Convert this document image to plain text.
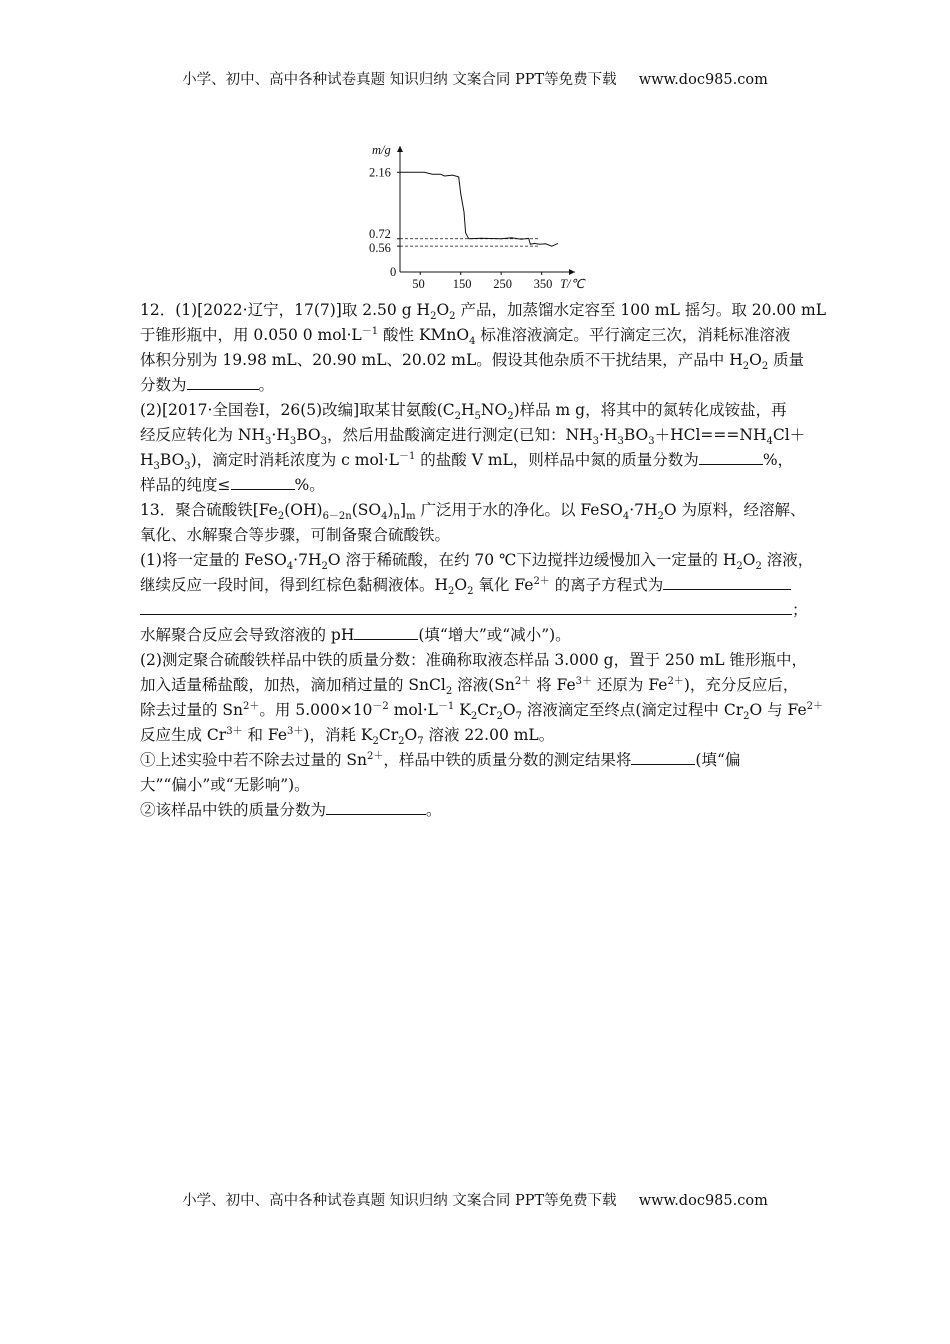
小学、初中、高中各种试卷真题 知识归纳 文案合同 PPT等免费下载 www.doc985.com
m/g
T/℃
0
2.16
0.72
0.56
50 150 250 350
12．(1)[2022·辽宁，17(7)]取 2.50 g $H_2O_2$ 产品，加蒸馏水定容至 100 mL 摇匀。取 20.00 mL
于锥形瓶中，用 0.050 0 $mol\cdot L^{-1}$ 酸性 KMnO$_4$ 标准溶液滴定。平行滴定三次，消耗标准溶液
体积分别为 19.98 mL、20.90 mL、20.02 mL。假设其他杂质不干扰结果，产品中 $H_2O_2$ 质量
分数为	。
(2)[2017·全国卷Ⅰ，26(5)改编]取某甘氨酸$(C_2H_5NO_2)$样品 m g，将其中的氮转化成铵盐，再
经反应转化为 $NH_3\cdot H_3BO_3$，然后用盐酸滴定进行测定(已知：$NH_3\cdot H_3BO_3+HCl===NH_4Cl+$
$H_3BO_3$)，滴定时消耗浓度为 c $mol\cdot L^{-1}$ 的盐酸 V mL，则样品中氮的质量分数为	%，
样品的纯度≤	%。
13．聚合硫酸铁$[Fe_2(OH)_{6-2n}(SO_4)_n]_m$ 广泛用于水的净化。以 $FeSO_4\cdot 7H_2O$ 为原料，经溶解、
氧化、水解聚合等步骤，可制备聚合硫酸铁。
(1)将一定量的 $FeSO_4\cdot 7H_2O$ 溶于稀硫酸，在约 70 ℃下边搅拌边缓慢加入一定量的 $H_2O_2$ 溶液，
继续反应一段时间，得到红棕色黏稠液体。$H_2O_2$ 氧化 $Fe^{2+}$ 的离子方程式为
；
水解聚合反应会导致溶液的 pH	(填“增大”或“减小”)。
(2)测定聚合硫酸铁样品中铁的质量分数：准确称取液态样品 3.000 g，置于 250 mL 锥形瓶中，
加入适量稀盐酸，加热，滴加稍过量的 SnCl$_2$ 溶液($Sn^{2+}$ 将 $Fe^{3+}$ 还原为 $Fe^{2+}$)，充分反应后，
除去过量的 $Sn^{2+}$。用 $5.000\times 10^{-2}$ $mol\cdot L^{-1}$ $K_2Cr_2O_7$ 溶液滴定至终点(滴定过程中 $Cr_2O$ 与 $Fe^{2+}$
反应生成 $Cr^{3+}$ 和 $Fe^{3+}$)，消耗 $K_2Cr_2O_7$ 溶液 22.00 mL。
①上述实验中若不除去过量的 $Sn^{2+}$，样品中铁的质量分数的测定结果将	(填“偏
大”“偏小”或“无影响”)。
②该样品中铁的质量分数为	。
小学、初中、高中各种试卷真题 知识归纳 文案合同 PPT等免费下载 www.doc985.com
